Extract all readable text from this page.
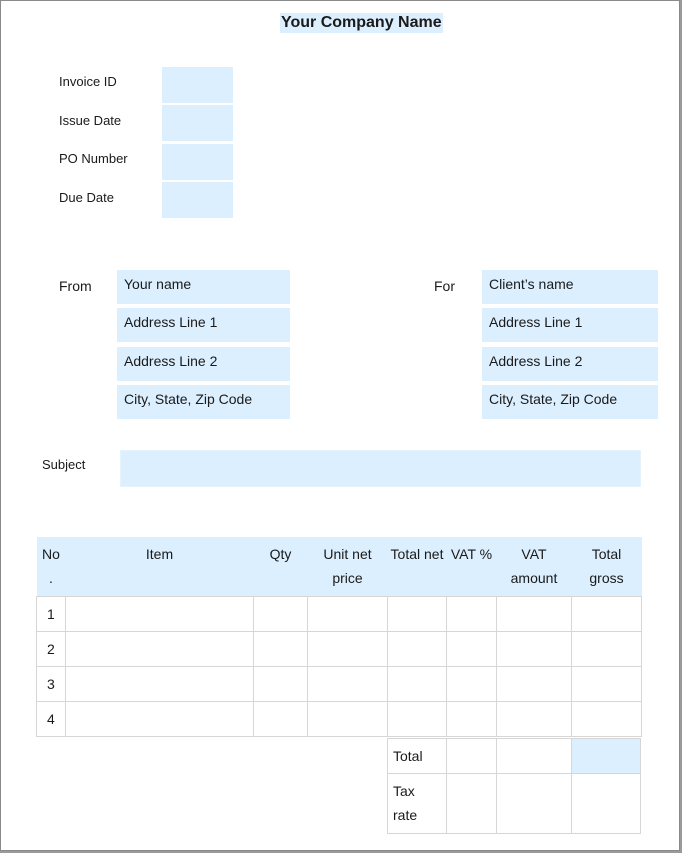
Your Company Name
Invoice ID
Issue Date
PO Number
Due Date
From	Your name
Address Line 1
Address Line 2
City, State, Zip Code
For	Client’s name
Address Line 1
Address Line 2
City, State, Zip Code
Subject
No .	Item	Qty	Unit net price	Total net	VAT %	VAT amount	Total gross
1							
2							
3							
4							
Total
Tax rate
